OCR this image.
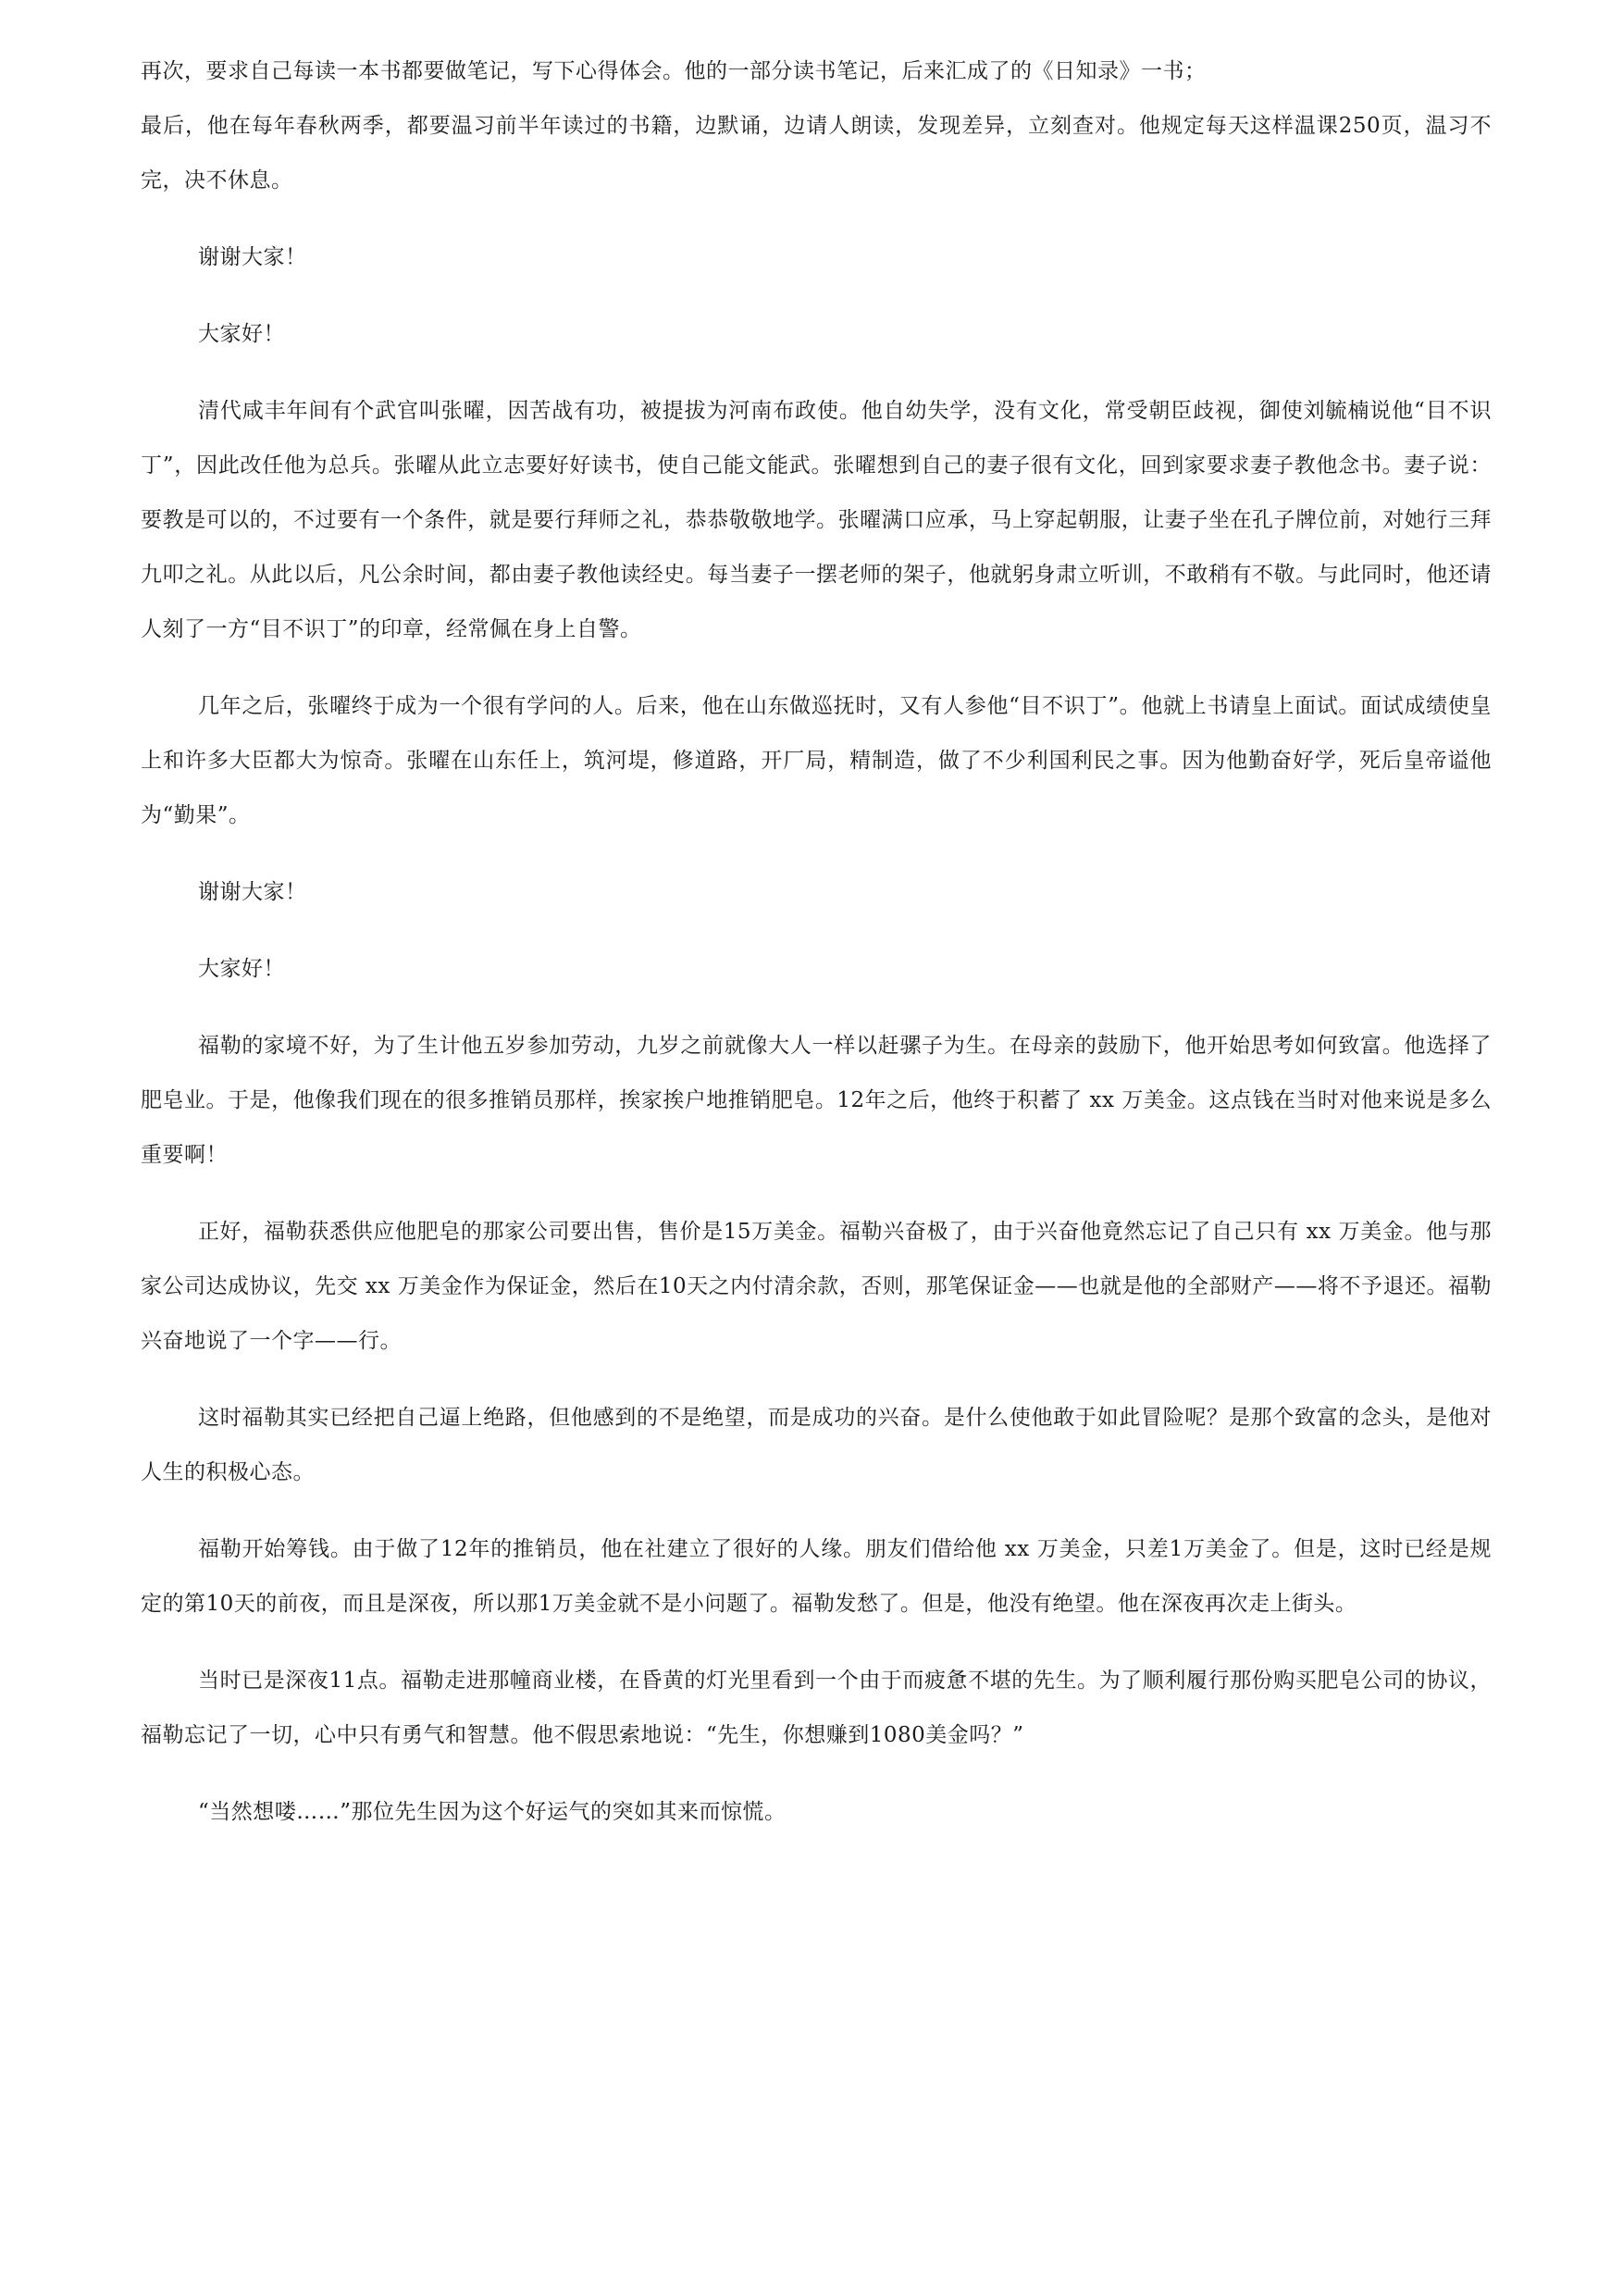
再次，要求自己每读一本书都要做笔记，写下心得体会。他的一部分读书笔记，后来汇成了的《日知录》一书；

最后，他在每年春秋两季，都要温习前半年读过的书籍，边默诵，边请人朗读，发现差异，立刻查对。他规定每天这样温课250页，温习不完，决不休息。

谢谢大家！

大家好！

清代咸丰年间有个武官叫张曜，因苦战有功，被提拔为河南布政使。他自幼失学，没有文化，常受朝臣歧视，御使刘毓楠说他“目不识丁”，因此改任他为总兵。张曜从此立志要好好读书，使自己能文能武。张曜想到自己的妻子很有文化，回到家要求妻子教他念书。妻子说：要教是可以的，不过要有一个条件，就是要行拜师之礼，恭恭敬敬地学。张曜满口应承，马上穿起朝服，让妻子坐在孔子牌位前，对她行三拜九叩之礼。从此以后，凡公余时间，都由妻子教他读经史。每当妻子一摆老师的架子，他就躬身肃立听训，不敢稍有不敬。与此同时，他还请人刻了一方“目不识丁”的印章，经常佩在身上自警。

几年之后，张曜终于成为一个很有学问的人。后来，他在山东做巡抚时，又有人参他“目不识丁”。他就上书请皇上面试。面试成绩使皇上和许多大臣都大为惊奇。张曜在山东任上，筑河堤，修道路，开厂局，精制造，做了不少利国利民之事。因为他勤奋好学，死后皇帝谥他为“勤果”。

谢谢大家！

大家好！

福勒的家境不好，为了生计他五岁参加劳动，九岁之前就像大人一样以赶骡子为生。在母亲的鼓励下，他开始思考如何致富。他选择了肥皂业。于是，他像我们现在的很多推销员那样，挨家挨户地推销肥皂。12年之后，他终于积蓄了 xx 万美金。这点钱在当时对他来说是多么重要啊！

正好，福勒获悉供应他肥皂的那家公司要出售，售价是15万美金。福勒兴奋极了，由于兴奋他竟然忘记了自己只有 xx 万美金。他与那家公司达成协议，先交 xx 万美金作为保证金，然后在10天之内付清余款，否则，那笔保证金——也就是他的全部财产——将不予退还。福勒兴奋地说了一个字——行。

这时福勒其实已经把自己逼上绝路，但他感到的不是绝望，而是成功的兴奋。是什么使他敢于如此冒险呢？是那个致富的念头，是他对人生的积极心态。

福勒开始筹钱。由于做了12年的推销员，他在社建立了很好的人缘。朋友们借给他 xx 万美金，只差1万美金了。但是，这时已经是规定的第10天的前夜，而且是深夜，所以那1万美金就不是小问题了。福勒发愁了。但是，他没有绝望。他在深夜再次走上街头。

当时已是深夜11点。福勒走进那幢商业楼，在昏黄的灯光里看到一个由于而疲惫不堪的先生。为了顺利履行那份购买肥皂公司的协议，福勒忘记了一切，心中只有勇气和智慧。他不假思索地说：“先生，你想赚到1080美金吗？”

“当然想喽……”那位先生因为这个好运气的突如其来而惊慌。
